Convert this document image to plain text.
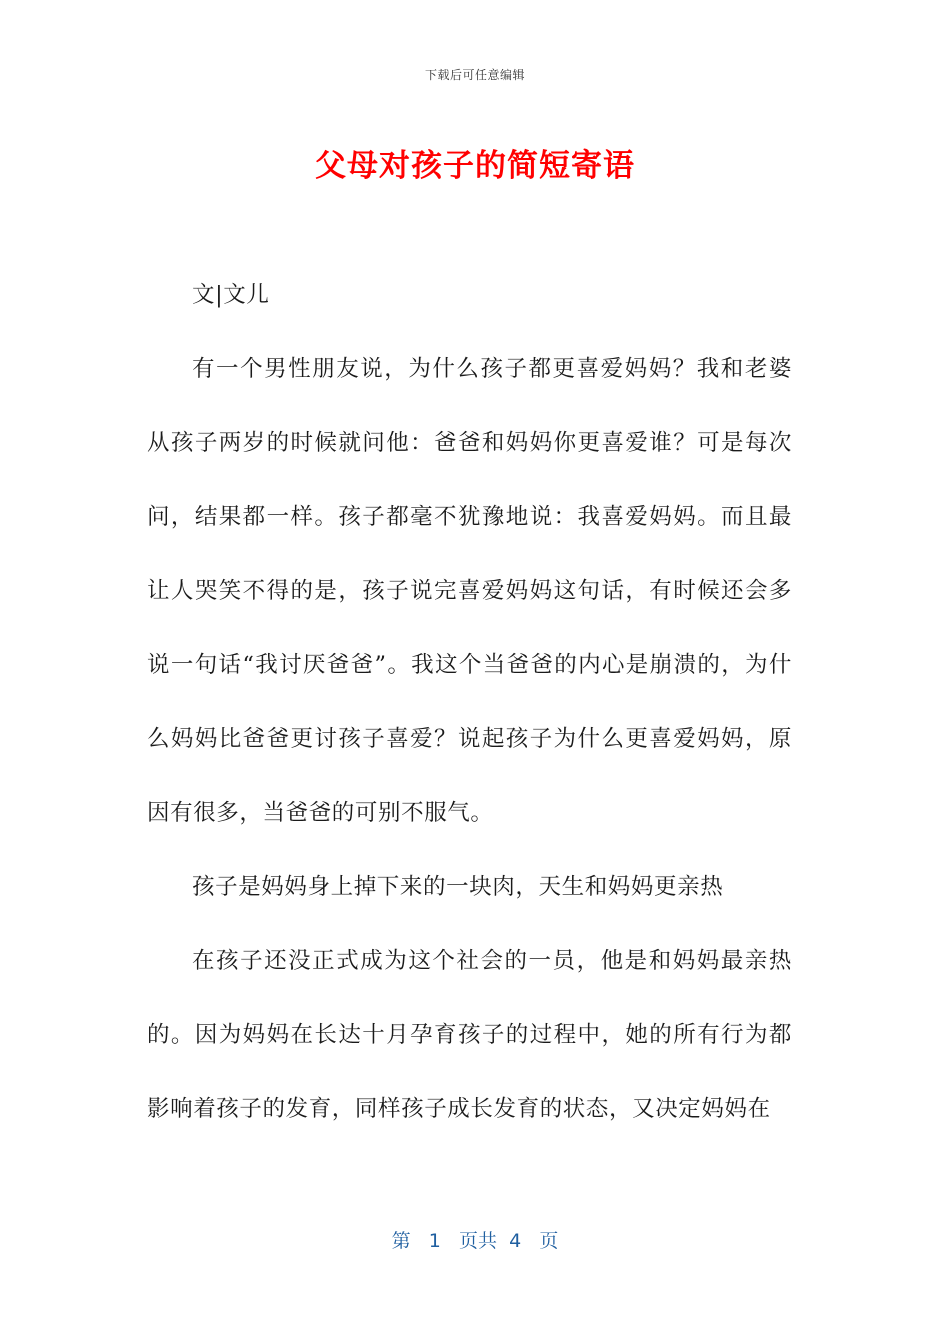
下载后可任意编辑
父母对孩子的简短寄语

文|文儿

有一个男性朋友说，为什么孩子都更喜爱妈妈？我和老婆从孩子两岁的时候就问他：爸爸和妈妈你更喜爱谁？可是每次问，结果都一样。孩子都毫不犹豫地说：我喜爱妈妈。而且最让人哭笑不得的是，孩子说完喜爱妈妈这句话，有时候还会多说一句话“我讨厌爸爸”。我这个当爸爸的内心是崩溃的，为什么妈妈比爸爸更讨孩子喜爱？说起孩子为什么更喜爱妈妈，原因有很多，当爸爸的可别不服气。

孩子是妈妈身上掉下来的一块肉，天生和妈妈更亲热

在孩子还没正式成为这个社会的一员，他是和妈妈最亲热的。因为妈妈在长达十月孕育孩子的过程中，她的所有行为都影响着孩子的发育，同样孩子成长发育的状态，又决定妈妈在

第 1 页共 4 页
